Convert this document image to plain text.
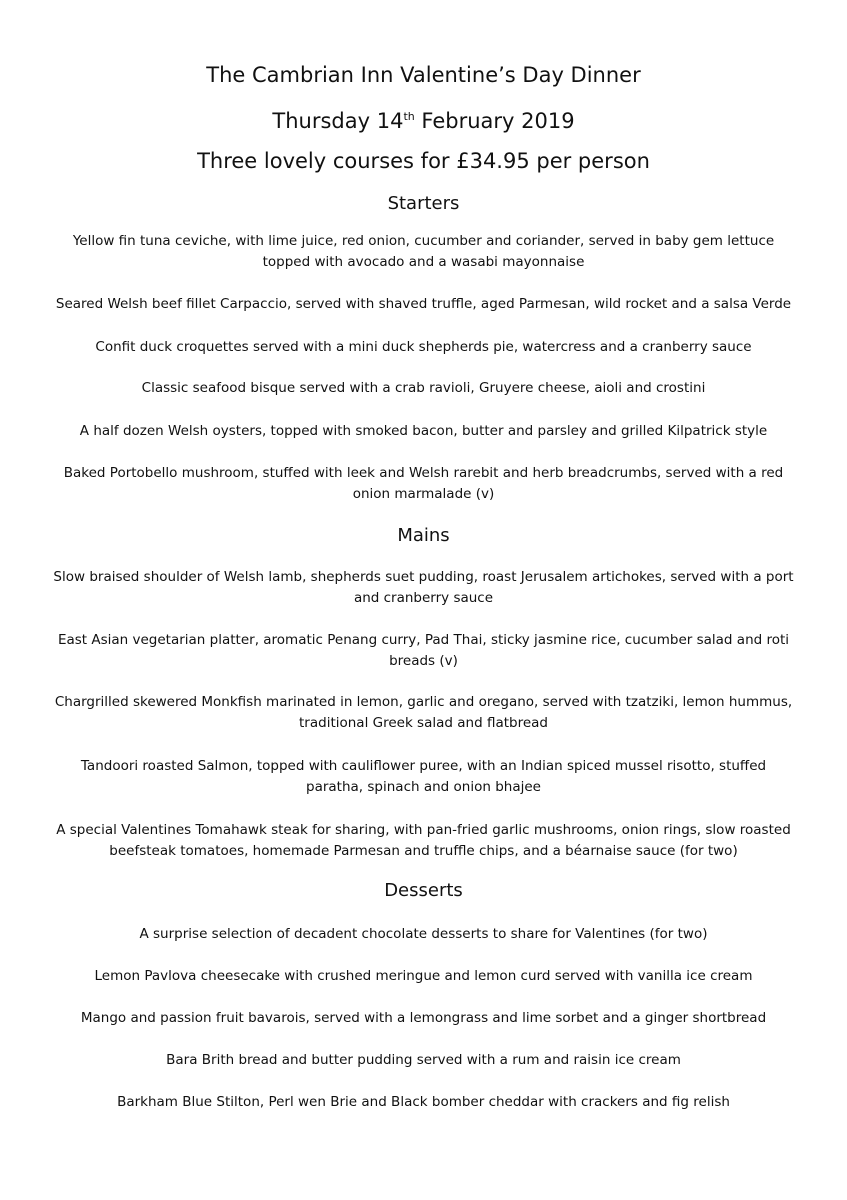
The Cambrian Inn Valentine’s Day Dinner
Thursday 14th February 2019
Three lovely courses for £34.95 per person
Starters
Yellow fin tuna ceviche, with lime juice, red onion, cucumber and coriander, served in baby gem lettuce
topped with avocado and a wasabi mayonnaise
Seared Welsh beef fillet Carpaccio, served with shaved truffle, aged Parmesan, wild rocket and a salsa Verde
Confit duck croquettes served with a mini duck shepherds pie, watercress and a cranberry sauce
Classic seafood bisque served with a crab ravioli, Gruyere cheese, aioli and crostini
A half dozen Welsh oysters, topped with smoked bacon, butter and parsley and grilled Kilpatrick style
Baked Portobello mushroom, stuffed with leek and Welsh rarebit and herb breadcrumbs, served with a red
onion marmalade (v)
Mains
Slow braised shoulder of Welsh lamb, shepherds suet pudding, roast Jerusalem artichokes, served with a port
and cranberry sauce
East Asian vegetarian platter, aromatic Penang curry, Pad Thai, sticky jasmine rice, cucumber salad and roti
breads (v)
Chargrilled skewered Monkfish marinated in lemon, garlic and oregano, served with tzatziki, lemon hummus,
traditional Greek salad and flatbread
Tandoori roasted Salmon, topped with cauliflower puree, with an Indian spiced mussel risotto, stuffed
paratha, spinach and onion bhajee
A special Valentines Tomahawk steak for sharing, with pan-fried garlic mushrooms, onion rings, slow roasted
beefsteak tomatoes, homemade Parmesan and truffle chips, and a béarnaise sauce (for two)
Desserts
A surprise selection of decadent chocolate desserts to share for Valentines (for two)
Lemon Pavlova cheesecake with crushed meringue and lemon curd served with vanilla ice cream
Mango and passion fruit bavarois, served with a lemongrass and lime sorbet and a ginger shortbread
Bara Brith bread and butter pudding served with a rum and raisin ice cream
Barkham Blue Stilton, Perl wen Brie and Black bomber cheddar with crackers and fig relish
